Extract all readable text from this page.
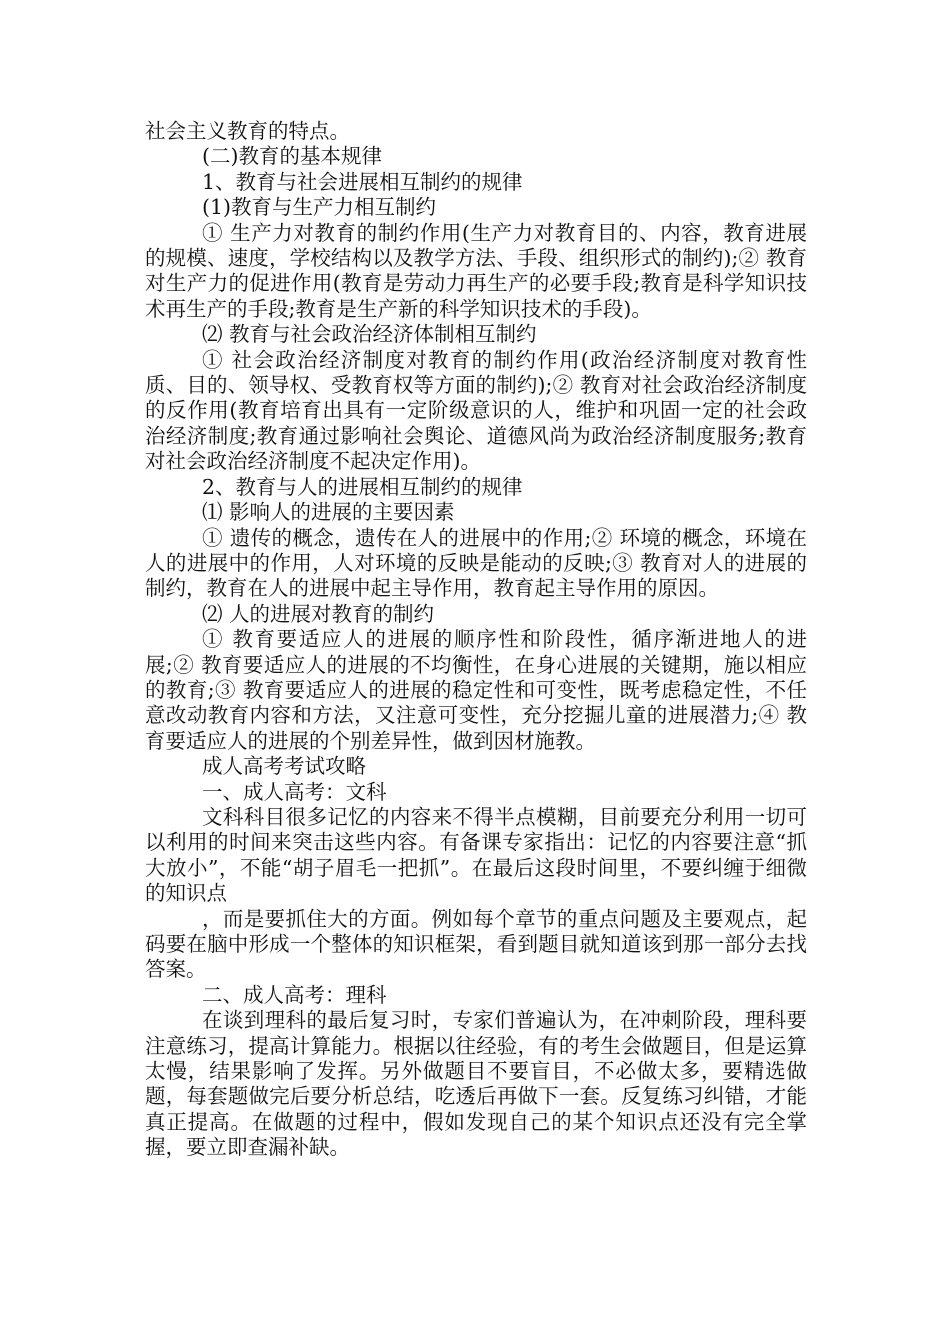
社会主义教育的特点。

(二)教育的基本规律

1、教育与社会进展相互制约的规律

(1)教育与生产力相互制约

① 生产力对教育的制约作用(生产力对教育目的、内容，教育进展的规模、速度，学校结构以及教学方法、手段、组织形式的制约);② 教育对生产力的促进作用(教育是劳动力再生产的必要手段;教育是科学知识技术再生产的手段;教育是生产新的科学知识技术的手段)。

⑵ 教育与社会政治经济体制相互制约

① 社会政治经济制度对教育的制约作用(政治经济制度对教育性质、目的、领导权、受教育权等方面的制约);② 教育对社会政治经济制度的反作用(教育培育出具有一定阶级意识的人，维护和巩固一定的社会政治经济制度;教育通过影响社会舆论、道德风尚为政治经济制度服务;教育对社会政治经济制度不起决定作用)。

2、教育与人的进展相互制约的规律

⑴ 影响人的进展的主要因素

① 遗传的概念，遗传在人的进展中的作用;② 环境的概念，环境在人的进展中的作用，人对环境的反映是能动的反映;③ 教育对人的进展的制约，教育在人的进展中起主导作用，教育起主导作用的原因。

⑵ 人的进展对教育的制约

① 教育要适应人的进展的顺序性和阶段性，循序渐进地人的进展;② 教育要适应人的进展的不均衡性，在身心进展的关键期，施以相应的教育;③ 教育要适应人的进展的稳定性和可变性，既考虑稳定性，不任意改动教育内容和方法，又注意可变性，充分挖掘儿童的进展潜力;④ 教育要适应人的进展的个别差异性，做到因材施教。

成人高考考试攻略

一、成人高考：文科

文科科目很多记忆的内容来不得半点模糊，目前要充分利用一切可以利用的时间来突击这些内容。有备课专家指出：记忆的内容要注意“抓大放小”，不能“胡子眉毛一把抓”。在最后这段时间里，不要纠缠于细微的知识点

，而是要抓住大的方面。例如每个章节的重点问题及主要观点，起码要在脑中形成一个整体的知识框架，看到题目就知道该到那一部分去找答案。

二、成人高考：理科

在谈到理科的最后复习时，专家们普遍认为，在冲刺阶段，理科要注意练习，提高计算能力。根据以往经验，有的考生会做题目，但是运算太慢，结果影响了发挥。另外做题目不要盲目，不必做太多，要精选做题，每套题做完后要分析总结，吃透后再做下一套。反复练习纠错，才能真正提高。在做题的过程中，假如发现自己的某个知识点还没有完全掌握，要立即查漏补缺。
